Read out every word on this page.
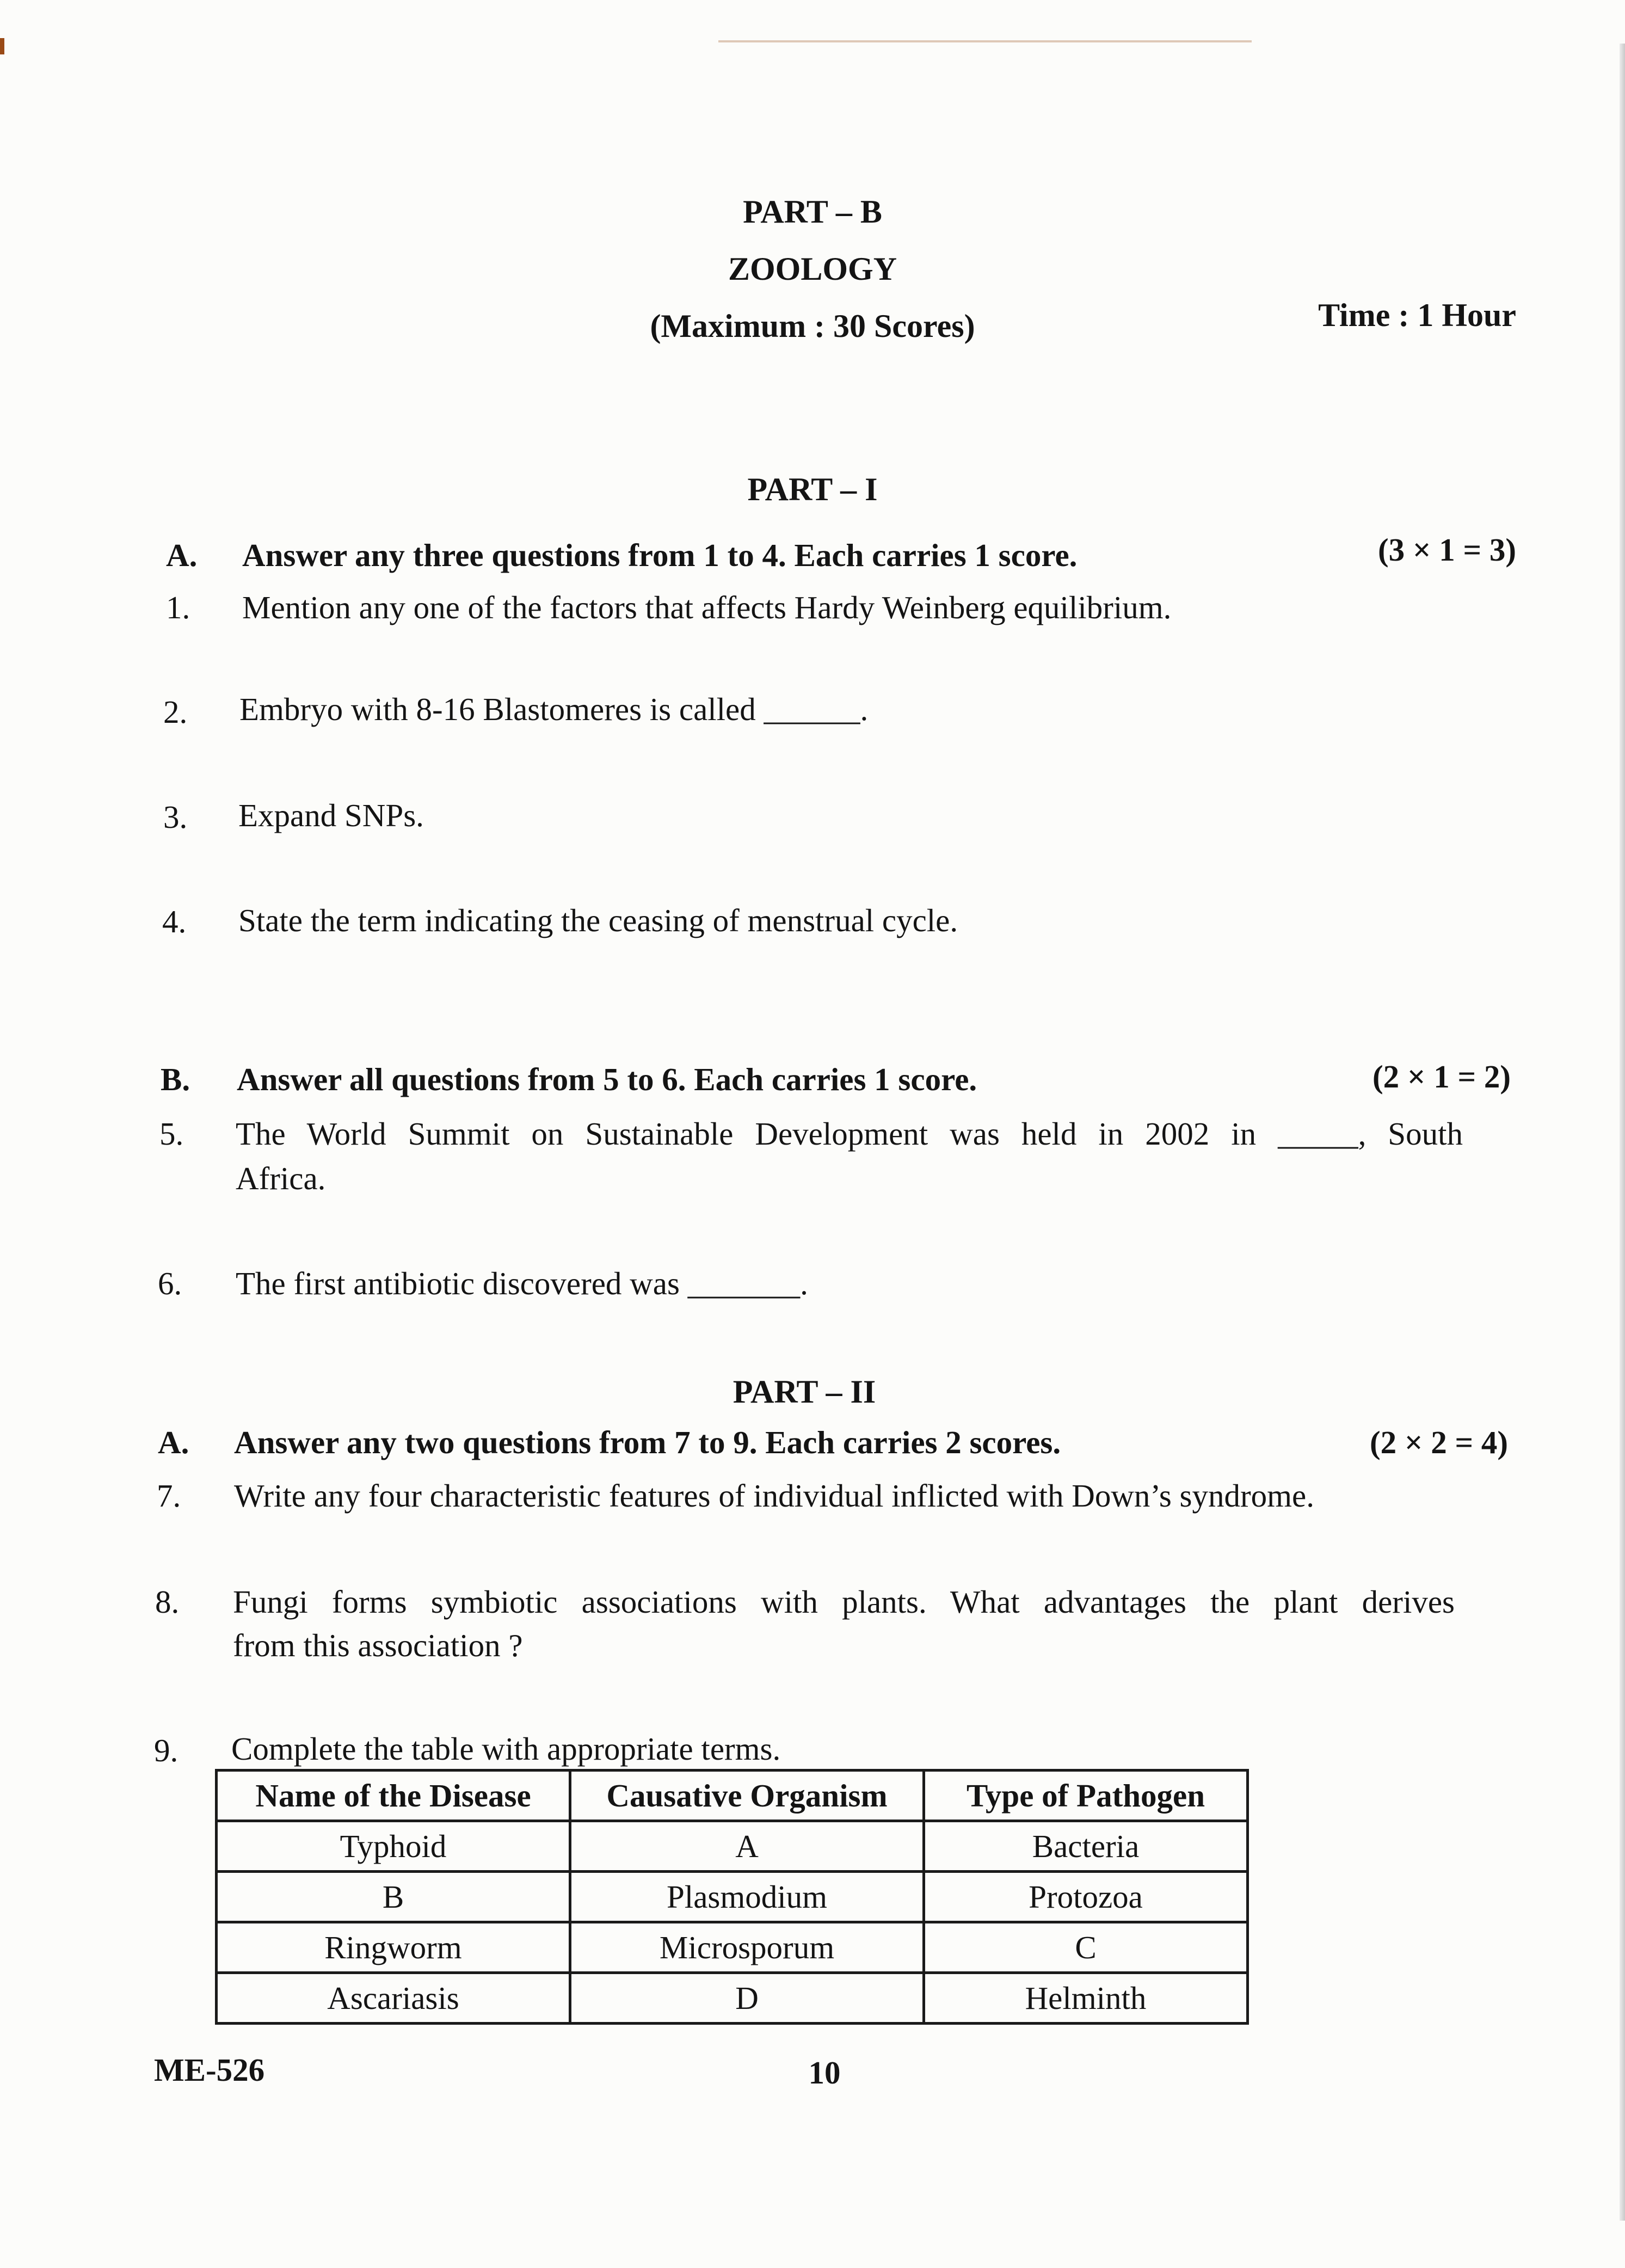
PART – B
ZOOLOGY
(Maximum : 30 Scores)	Time : 1 Hour
PART – I
A. Answer any three questions from 1 to 4. Each carries 1 score.	(3 × 1 = 3)
1. Mention any one of the factors that affects Hardy Weinberg equilibrium.
2. Embryo with 8-16 Blastomeres is called ______.
3. Expand SNPs.
4. State the term indicating the ceasing of menstrual cycle.
B. Answer all questions from 5 to 6. Each carries 1 score.	(2 × 1 = 2)
5. The World Summit on Sustainable Development was held in 2002 in _____, South
Africa.
6. The first antibiotic discovered was _______.
PART – II
A. Answer any two questions from 7 to 9. Each carries 2 scores.	(2 × 2 = 4)
7. Write any four characteristic features of individual inflicted with Down’s syndrome.
8. Fungi forms symbiotic associations with plants. What advantages the plant derives
from this association ?
9. Complete the table with appropriate terms.
Name of the Disease	Causative Organism	Type of Pathogen
Typhoid	A	Bacteria
B	Plasmodium	Protozoa
Ringworm	Microsporum	C
Ascariasis	D	Helminth
ME-526	10
